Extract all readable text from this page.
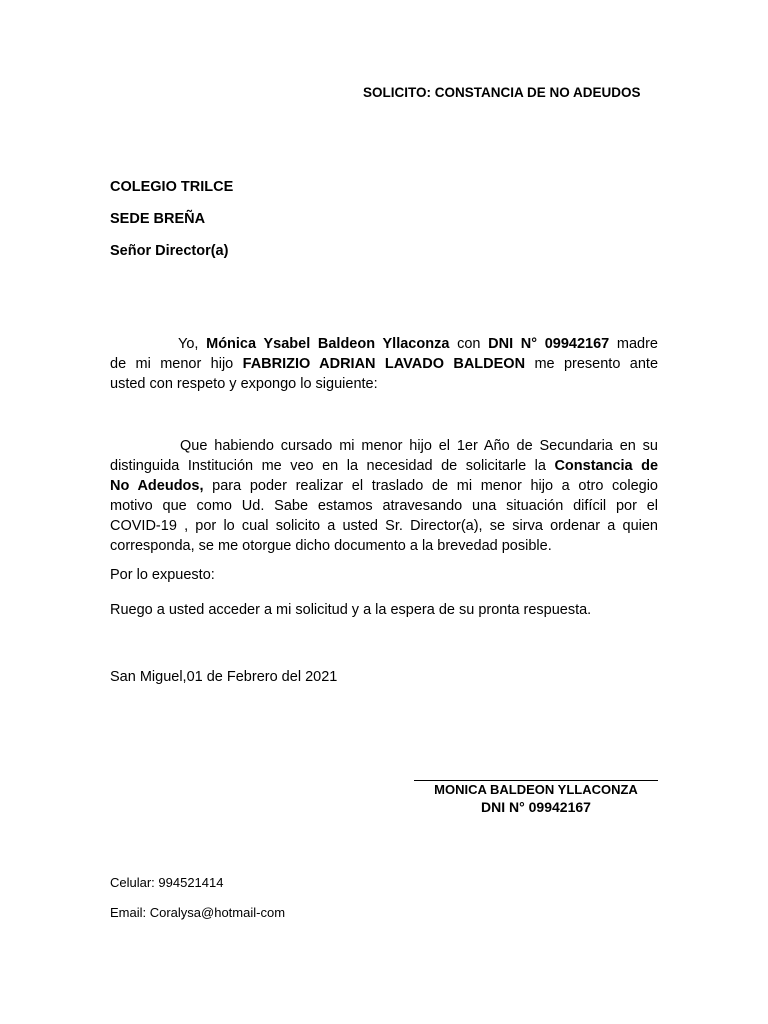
SOLICITO: CONSTANCIA DE NO ADEUDOS
COLEGIO TRILCE
SEDE BREÑA
Señor Director(a)
Yo, Mónica Ysabel Baldeon Yllaconza con DNI N° 09942167 madre
de mi menor hijo FABRIZIO ADRIAN LAVADO BALDEON me presento ante
usted con respeto y expongo lo siguiente:
Que habiendo cursado mi menor hijo el 1er Año de Secundaria en su
distinguida Institución me veo en la necesidad de solicitarle la Constancia de
No Adeudos, para poder realizar el traslado de mi menor hijo a otro colegio
motivo que como Ud. Sabe estamos atravesando una situación difícil por el
COVID-19 , por lo cual solicito a usted Sr. Director(a), se sirva ordenar a quien
corresponda, se me otorgue dicho documento a la brevedad posible.
Por lo expuesto:
Ruego a usted acceder a mi solicitud y a la espera de su pronta respuesta.
San Miguel,01 de Febrero del 2021
MONICA BALDEON YLLACONZA
DNI N° 09942167
Celular: 994521414
Email: Coralysa@hotmail-com
